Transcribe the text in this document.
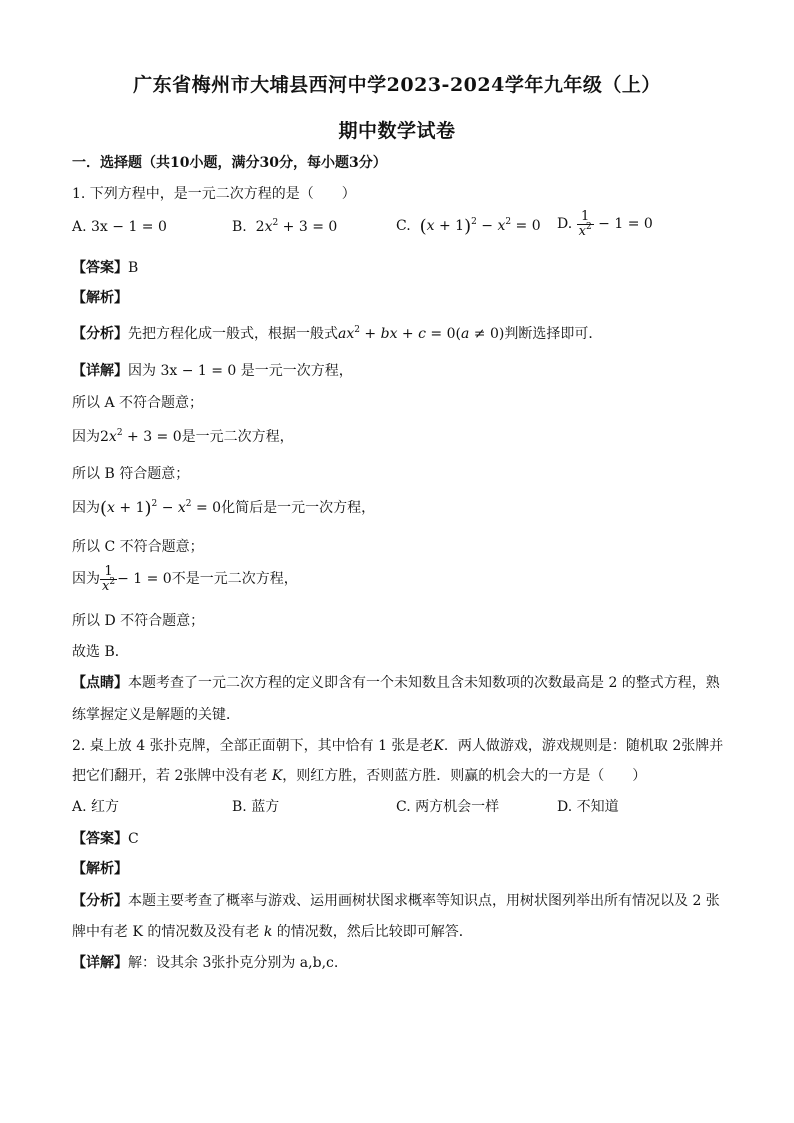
广东省梅州市大埔县西河中学2023-2024学年九年级（上）
期中数学试卷
一．选择题（共10小题，满分30分，每小题3分）
1. 下列方程中，是一元二次方程的是（　　）
A. 3x − 1 = 0	B.  $2x^2 + 3 = 0$	C. $(x + 1)^2 - x^2 = 0$ D. $\frac{1}{x^2} - 1 = 0$
【答案】B
【解析】
【分析】先把方程化成一般式，根据一般式$ax^2$ + bx + c = 0(a ≠ 0)判断选择即可．
【详解】因为 3x − 1 = 0 是一元一次方程，
所以 A 不符合题意；
因为$2x^2 + 3 = 0$是一元二次方程，
所以 B 符合题意；
因为$(x + 1)^2 - x^2 = 0$化简后是一元一次方程，
所以 C 不符合题意；
因为 $\frac{1}{x^2} - 1 = 0$不是一元二次方程，
所以 D 不符合题意；
故选 B．
【点睛】本题考查了一元二次方程的定义即含有一个未知数且含未知数项的次数最高是 2 的整式方程，熟
练掌握定义是解题的关键．
2. 桌上放 4 张扑克牌，全部正面朝下，其中恰有 1 张是老K．两人做游戏，游戏规则是：随机取 2张牌并
把它们翻开，若 2张牌中没有老 K，则红方胜，否则蓝方胜．则赢的机会大的一方是（　　）
A. 红方	B. 蓝方	C. 两方机会一样	D. 不知道
【答案】C
【解析】
【分析】本题主要考查了概率与游戏、运用画树状图求概率等知识点，用树状图列举出所有情况以及 2 张
牌中有老 K 的情况数及没有老 k 的情况数，然后比较即可解答．
【详解】解：设其余 3张扑克分别为 a,b,c.
